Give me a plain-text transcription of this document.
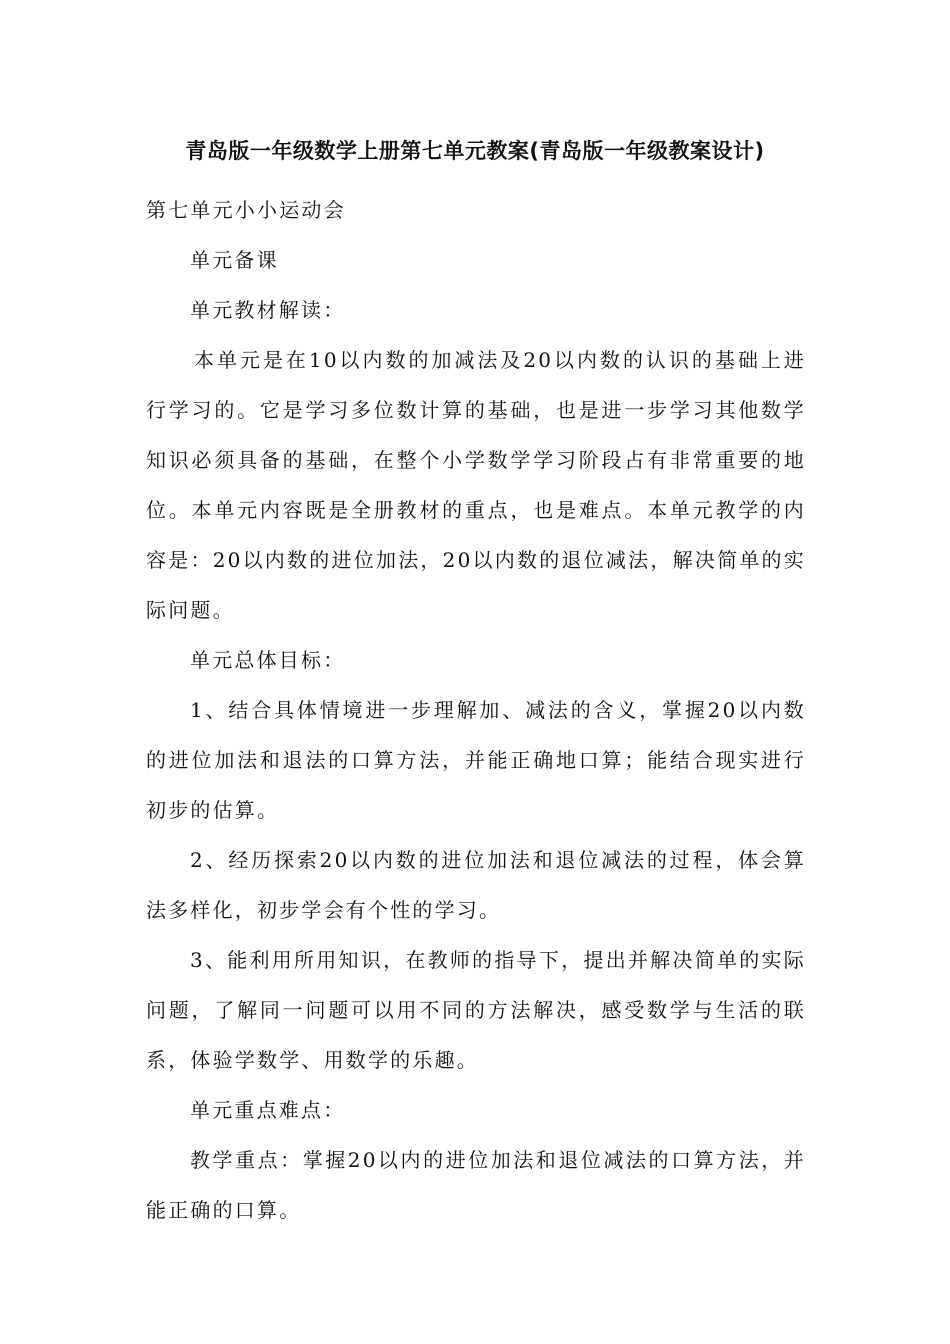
青岛版一年级数学上册第七单元教案(青岛版一年级教案设计)

第七单元小小运动会

单元备课

单元教材解读：

本单元是在10以内数的加减法及20以内数的认识的基础上进行学习的。它是学习多位数计算的基础，也是进一步学习其他数学知识必须具备的基础，在整个小学数学学习阶段占有非常重要的地位。本单元内容既是全册教材的重点，也是难点。本单元教学的内容是：20以内数的进位加法，20以内数的退位减法，解决简单的实际问题。

单元总体目标：

1、结合具体情境进一步理解加、减法的含义，掌握20以内数的进位加法和退法的口算方法，并能正确地口算；能结合现实进行初步的估算。

2、经历探索20以内数的进位加法和退位减法的过程，体会算法多样化，初步学会有个性的学习。

3、能利用所用知识，在教师的指导下，提出并解决简单的实际问题，了解同一问题可以用不同的方法解决，感受数学与生活的联系，体验学数学、用数学的乐趣。

单元重点难点：

教学重点：掌握20以内的进位加法和退位减法的口算方法，并能正确的口算。
